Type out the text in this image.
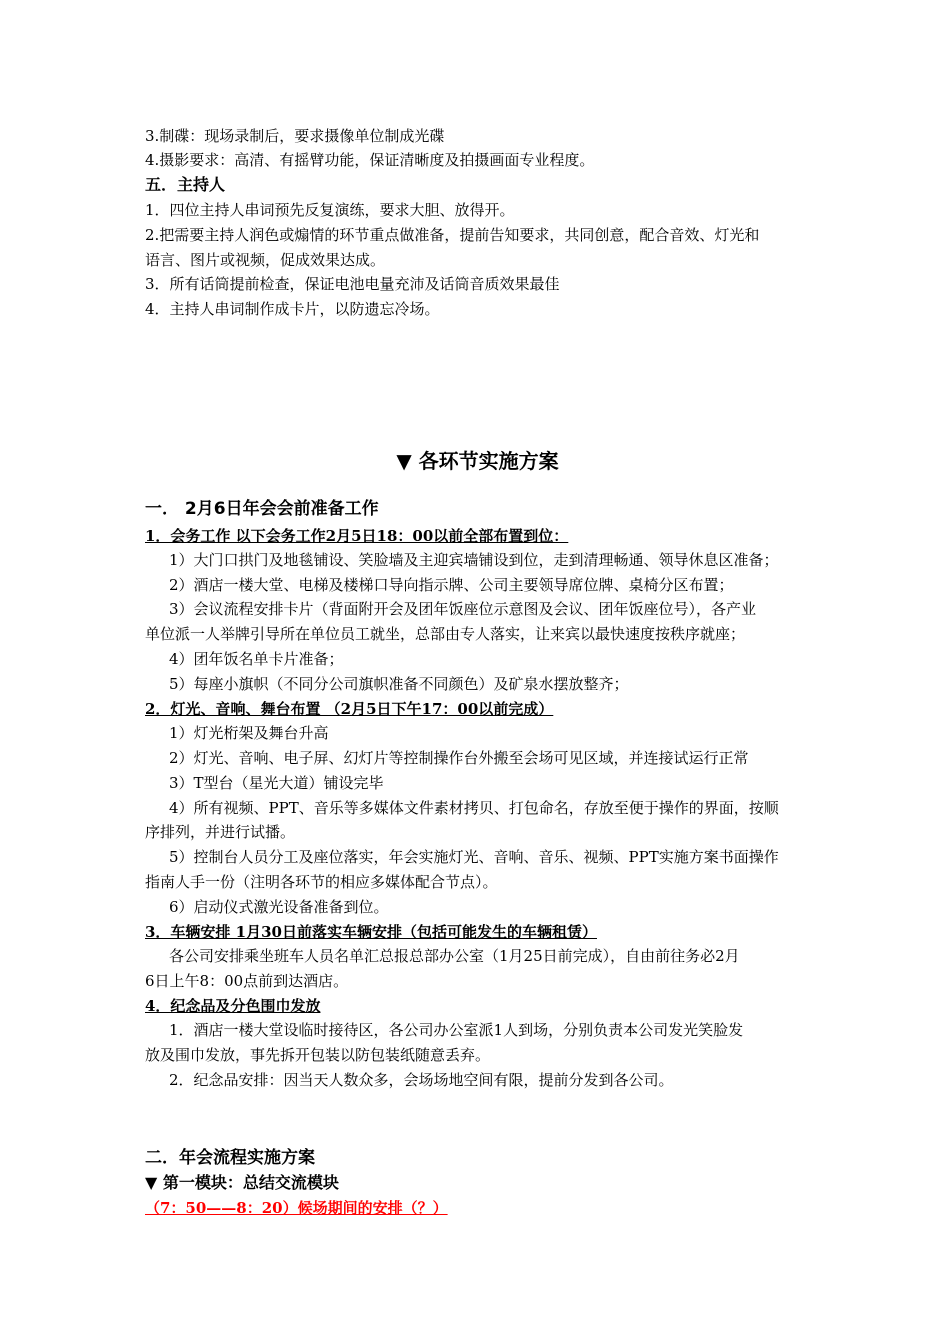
3.制碟：现场录制后，要求摄像单位制成光碟
4.摄影要求：高清、有摇臂功能，保证清晰度及拍摄画面专业程度。
五．主持人
1．四位主持人串词预先反复演练，要求大胆、放得开。
2.把需要主持人润色或煽情的环节重点做准备，提前告知要求，共同创意，配合音效、灯光和
语言、图片或视频，促成效果达成。
3．所有话筒提前检查，保证电池电量充沛及话筒音质效果最佳
4．主持人串词制作成卡片，以防遗忘冷场。
▼ 各环节实施方案
一． 2月6日年会会前准备工作
1．会务工作 以下会务工作2月5日18：00以前全部布置到位：
1）大门口拱门及地毯铺设、笑脸墙及主迎宾墙铺设到位，走到清理畅通、领导休息区准备；
2）酒店一楼大堂、电梯及楼梯口导向指示牌、公司主要领导席位牌、桌椅分区布置；
3）会议流程安排卡片（背面附开会及团年饭座位示意图及会议、团年饭座位号），各产业
单位派一人举牌引导所在单位员工就坐，总部由专人落实，让来宾以最快速度按秩序就座；
4）团年饭名单卡片准备；
5）每座小旗帜（不同分公司旗帜准备不同颜色）及矿泉水摆放整齐；
2．灯光、音响、舞台布置 （2月5日下午17：00以前完成）
1）灯光桁架及舞台升高
2）灯光、音响、电子屏、幻灯片等控制操作台外搬至会场可见区域，并连接试运行正常
3）T型台（星光大道）铺设完毕
4）所有视频、PPT、音乐等多媒体文件素材拷贝、打包命名，存放至便于操作的界面，按顺
序排列，并进行试播。
5）控制台人员分工及座位落实，年会实施灯光、音响、音乐、视频、PPT实施方案书面操作
指南人手一份（注明各环节的相应多媒体配合节点）。
6）启动仪式激光设备准备到位。
3．车辆安排 1月30日前落实车辆安排（包括可能发生的车辆租赁）
各公司安排乘坐班车人员名单汇总报总部办公室（1月25日前完成），自由前往务必2月
6日上午8：00点前到达酒店。
4．纪念品及分色围巾发放
1．酒店一楼大堂设临时接待区，各公司办公室派1人到场，分别负责本公司发光笑脸发
放及围巾发放，事先拆开包装以防包装纸随意丢弃。
2．纪念品安排：因当天人数众多，会场场地空间有限，提前分发到各公司。
二．年会流程实施方案
▼ 第一模块：总结交流模块
（7：50——8：20）候场期间的安排（？）
